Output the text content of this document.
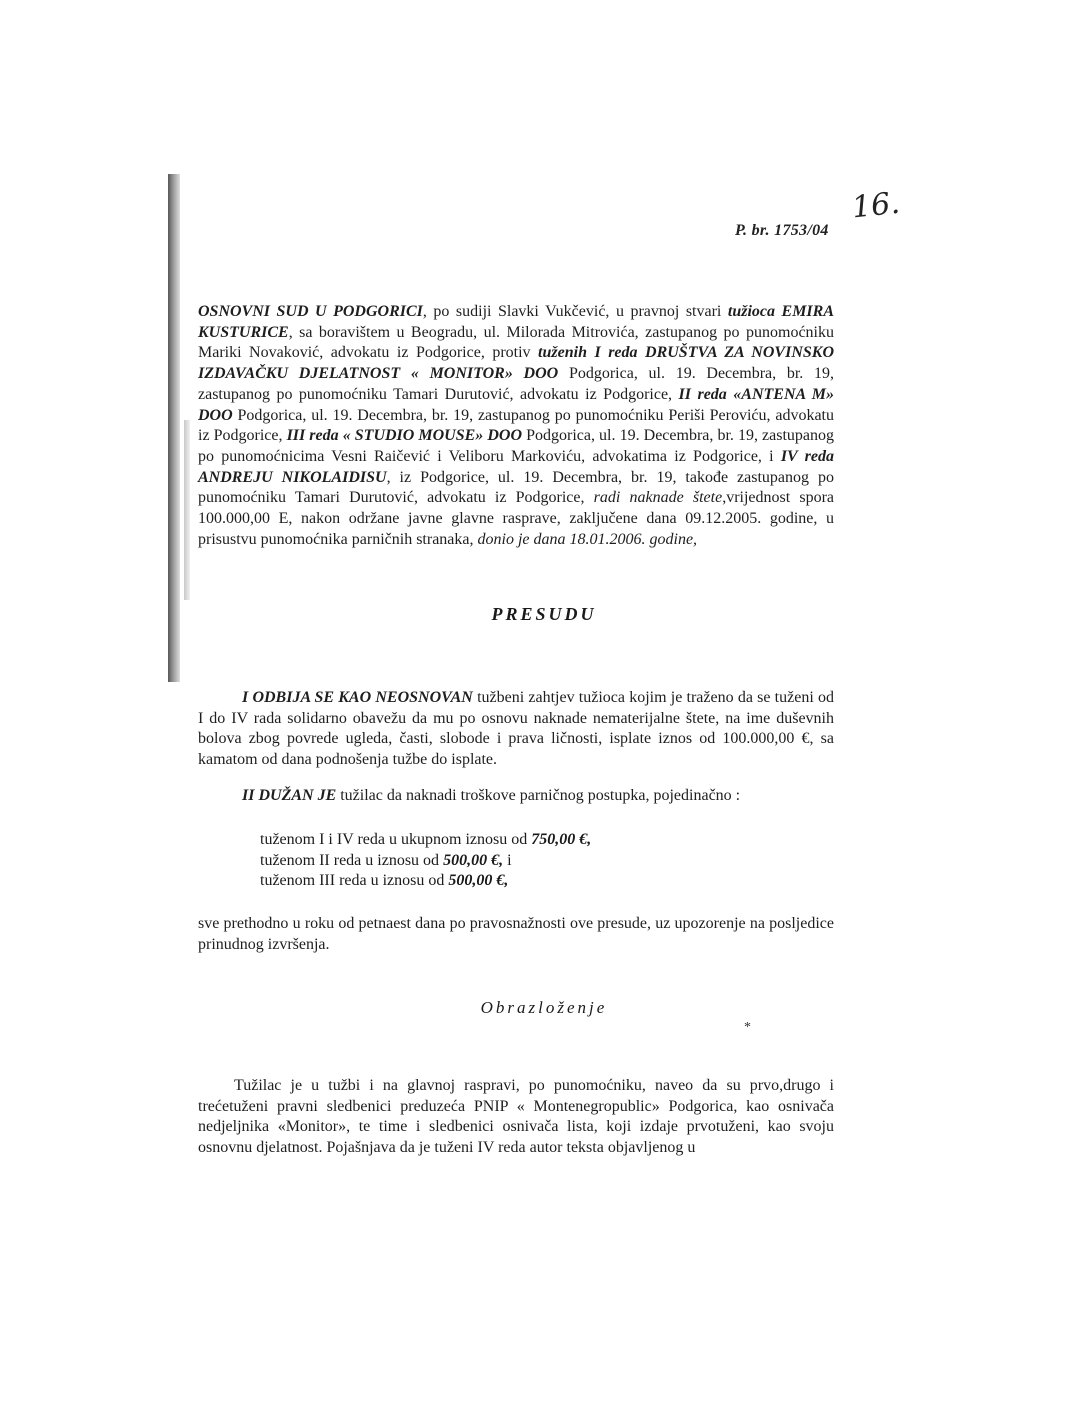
16.
P. br. 1753/04
OSNOVNI SUD U PODGORICI, po sudiji Slavki Vukčević, u pravnoj stvari tužioca EMIRA KUSTURICE, sa boravištem u Beogradu, ul. Milorada Mitrovića, zastupanog po punomoćniku Mariki Novaković, advokatu iz Podgorice, protiv tuženih I reda DRUŠTVA ZA NOVINSKO IZDAVAČKU DJELATNOST « MONITOR» DOO Podgorica, ul. 19. Decembra, br. 19, zastupanog po punomoćniku Tamari Durutović, advokatu iz Podgorice, II reda «ANTENA M» DOO Podgorica, ul. 19. Decembra, br. 19, zastupanog po punomoćniku Periši Peroviću, advokatu iz Podgorice, III reda « STUDIO MOUSE» DOO Podgorica, ul. 19. Decembra, br. 19, zastupanog po punomoćnicima Vesni Raičević i Veliboru Markoviću, advokatima iz Podgorice, i IV reda ANDREJU NIKOLAIDISU, iz Podgorice, ul. 19. Decembra, br. 19, takođe zastupanog po punomoćniku Tamari Durutović, advokatu iz Podgorice, radi naknade štete,vrijednost spora 100.000,00 E, nakon održane javne glavne rasprave, zaključene dana 09.12.2005. godine, u prisustvu punomoćnika parničnih stranaka, donio je dana 18.01.2006. godine,
PRESUDU
I ODBIJA SE KAO NEOSNOVAN tužbeni zahtjev tužioca kojim je traženo da se tuženi od I do IV rada solidarno obavežu da mu po osnovu naknade nematerijalne štete, na ime duševnih bolova zbog povrede ugleda, časti, slobode i prava ličnosti, isplate iznos od 100.000,00 €, sa kamatom od dana podnošenja tužbe do isplate.
II DUŽAN JE tužilac da naknadi troškove parničnog postupka, pojedinačno :
tuženom I i IV reda u ukupnom iznosu od 750,00 €,
tuženom II reda u iznosu od 500,00 €, i
tuženom III reda u iznosu od 500,00 €,
sve prethodno u roku od petnaest dana po pravosnažnosti ove presude, uz upozorenje na posljedice prinudnog izvršenja.
Obrazloženje
*
Tužilac je u tužbi i na glavnoj raspravi, po punomoćniku, naveo da su prvo,drugo i trećetuženi pravni sledbenici preduzeća PNIP « Montenegropublic» Podgorica, kao osnivača nedjeljnika «Monitor», te time i sledbenici osnivača lista, koji izdaje prvotuženi, kao svoju osnovnu djelatnost. Pojašnjava da je tuženi IV reda autor teksta objavljenog u
